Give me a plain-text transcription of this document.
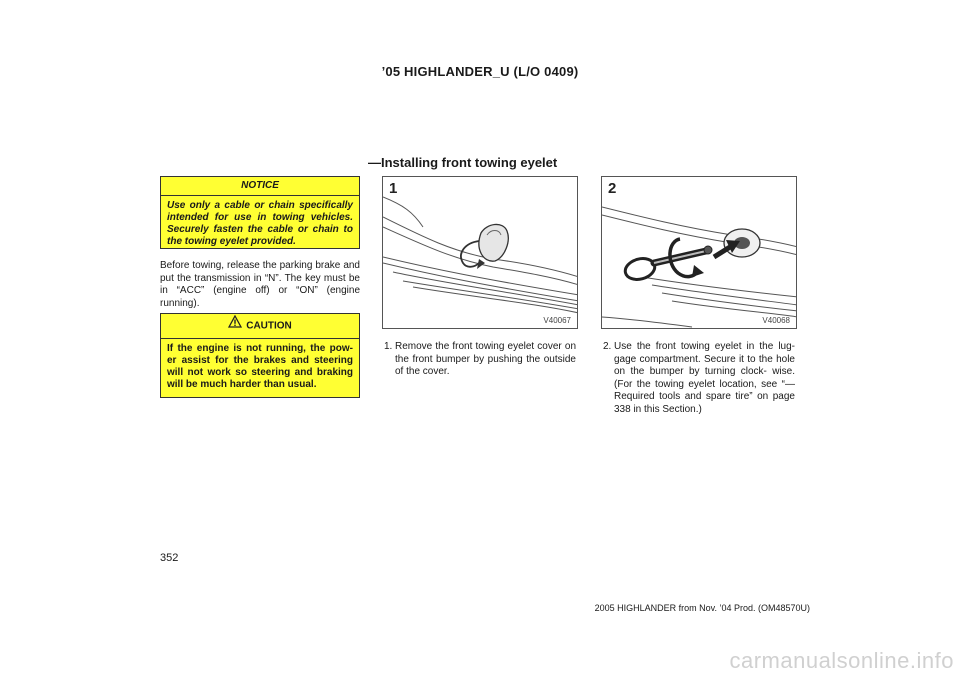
’05 HIGHLANDER_U (L/O 0409)
—Installing front towing eyelet
NOTICE
Use only a cable or chain specifically intended for use in towing vehicles. Securely fasten the cable or chain to the towing eyelet provided.
Before towing, release the parking brake and put the transmission in “N”. The key must be in “ACC” (engine off) or “ON” (engine running).
CAUTION
If the engine is not running, the pow- er assist for the brakes and steering will not work so steering and braking will be much harder than usual.
1
V40067
2
V40068
1. Remove the front towing eyelet cover on the front bumper by pushing the outside of the cover.
2. Use the front towing eyelet in the lug- gage compartment. Secure it to the hole on the bumper by turning clock- wise. (For the towing eyelet location, see “—Required tools and spare tire” on page 338 in this Section.)
352
2005 HIGHLANDER from Nov. ’04 Prod. (OM48570U)
carmanualsonline.info
